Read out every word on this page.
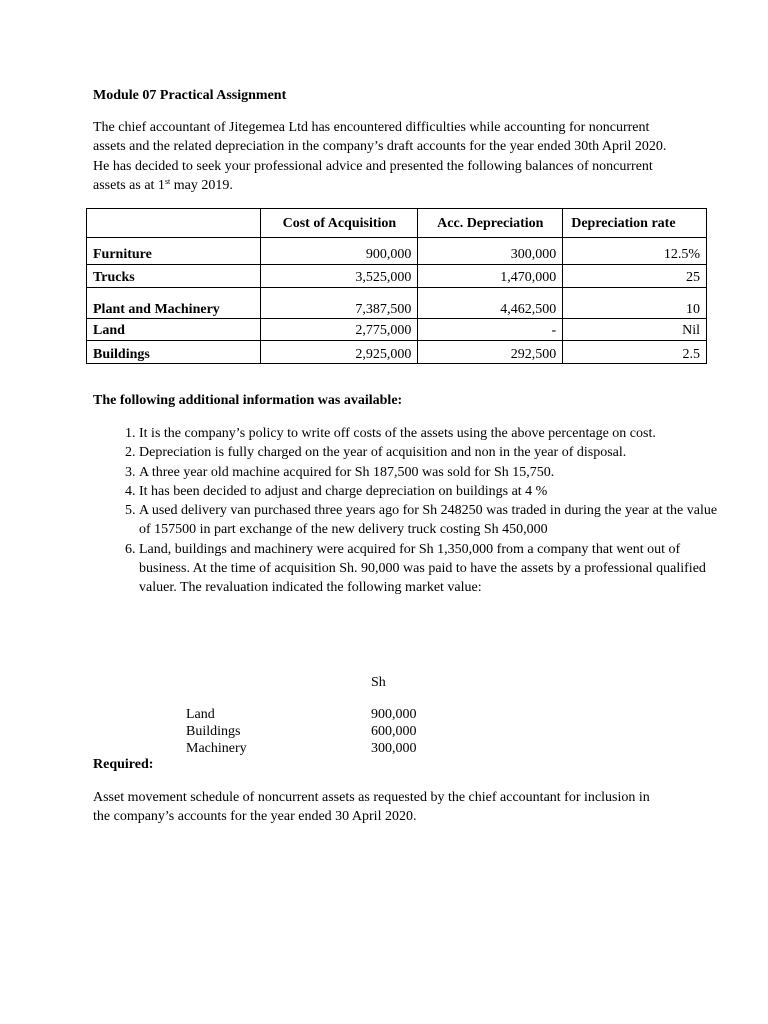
Module 07 Practical Assignment

The chief accountant of Jitegemea Ltd has encountered difficulties while accounting for noncurrent assets and the related depreciation in the company’s draft accounts for the year ended 30th April 2020. He has decided to seek your professional advice and presented the following balances of noncurrent assets as at 1st may 2019.

	Cost of Acquisition	Acc. Depreciation	Depreciation rate
Furniture	900,000	300,000	12.5%
Trucks	3,525,000	1,470,000	25
Plant and Machinery	7,387,500	4,462,500	10
Land	2,775,000	-	Nil
Buildings	2,925,000	292,500	2.5
The following additional information was available:
1. It is the company’s policy to write off costs of the assets using the above percentage on cost.
2. Depreciation is fully charged on the year of acquisition and non in the year of disposal.
3. A three year old machine acquired for Sh 187,500 was sold for Sh 15,750.
4. It has been decided to adjust and charge depreciation on buildings at 4 %
5. A used delivery van purchased three years ago for Sh 248250 was traded in during the year at the value of 157500 in part exchange of the new delivery truck costing Sh 450,000
6. Land, buildings and machinery were acquired for Sh 1,350,000 from a company that went out of business. At the time of acquisition Sh. 90,000 was paid to have the assets by a professional qualified valuer. The revaluation indicated the following market value:
Sh
Land	900,000
Buildings	600,000
Machinery	300,000
Required:

Asset movement schedule of noncurrent assets as requested by the chief accountant for inclusion in the company’s accounts for the year ended 30 April 2020.
